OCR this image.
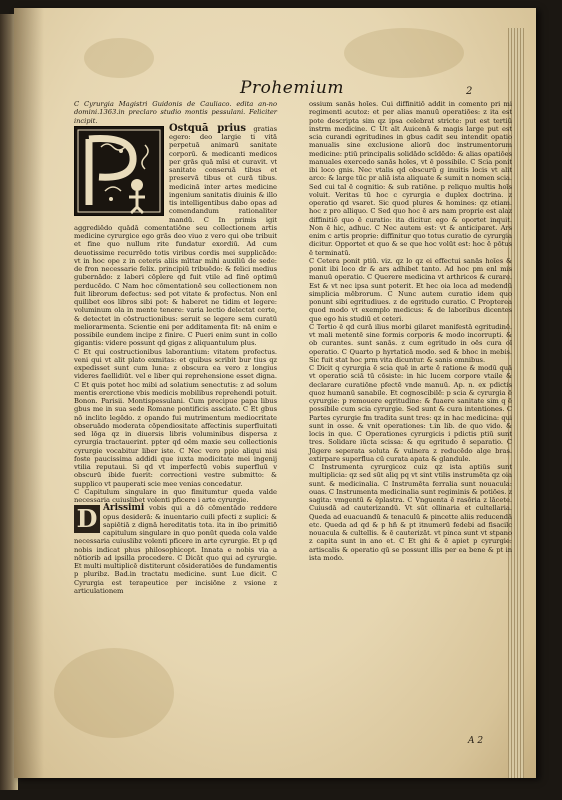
Prohemium	2

C Cyrurgia Magistri Guidonis de Cauliaco. edita an-no domini.1363.in preclaro studio montis pessulani. Feliciter incipit.

Ostquā prius gratias egero: deo largie ti vitā perpetuā animarū sanitate corporū. & medicanti medicos per grās quā mīsi et curavit. vt sanitate conseruā tibus et preservā tibus et curā tibus. medicinā inter artes medicine ingenium sanitatis diuinis & illo tis intelligentibus dabo opas ad comendandum rationaliter mandū. C In primis igit aggrediēdo quādā comentatiōne seu collectionem artis medicine cyrurgice ego grās deo viuo z vero qui obe tribuit et fine quo nullum rite fundatur exordiū. Ad cum deuotissime recurrēdo totis viribus cordis mei supplicādo: vt in hoc ope z in ceteris aliis mīttar mihi auxiliū de sede: de fron necessarie felix. principiū tribuēdo: & felici medius gubernādo: z laberi cōplere qd fuit vtile ad finē optimū perducēdo. C Nam hoc cōmentationē seu collectionem non fuit librorum defectus: sed pot vitate & profectus. Non enl quilibet eos libros sibi pot: & haberet ne tidim et legere: voluminum ola in mente tenere: varia lectio delectat certe, & detectet in cōstructionibus: seruit se legere sem curatū meliorarmenta. Scientie eni per additamenta fit: nā enim e possibile eundem incipe z finire. C Pueri enim sunt in collo gigantis: videre possunt qd gigas z aliquantulum plus.

C Et qui costructionibus laborantium: vitatem profectus. veni qui vt alit plato exmitas: et quibus scribit bur tius qz expedisset sunt cum luna: z obscura ea vero z longius videres faellidiūt. vel e liber qui reprehensione esset digna. C Et quis potet hoc mibi ad solatium senectutis: z ad solum mentis ererctione vbis medicis mobilibus reprehendi potuit. Bonon. Parisii. Montispessulani. Cum precipue papa libus gbus me in sua sede Romane pontificis assciato. C Et gbus nō inclito legēdo. z opando fui mutrimentum mediocritate obseruādo moderata cōpendiositate affectinis superfluitati sed lōga qz in diuersis libris voluminibus dispersa z cyrurgia tractauerint. ppter qd oēm maxie seu collectionis cyrurgie vocabitur liber iste. C Nec vero ppio aliqui nisi foste paucissima addidi que iuxta modicitate mei ingenij vtilia reputaui. Si qd vt imperfectū vobis superfluū v obscurū ibide fuerit: correctioni vestre submitto: & supplico vt pauperati scie mee venias concedatur.

C Capitulum singulare in quo fimitumtur queda valde necessaria cuiuslibet volenti pficere i arte cyrurgie.

D Arissimi vobis qui a dō cōmentādo reddere opus desiderā: & inuentario cuili pfecti z suplici: & sapiētiā z dignā hereditatis tota. ita in ibo primitiō capitulum singulare in quo ponūt queda cola valde necessaria cuiuslibz volenti pficere in arte cyrurgie. Et p qd nobis indicat phus philosophicopt. Innata e nobis via a nōtiorib ad ipsilla procedere. C Dicāt quo qui ad cyrurgie. Et multi multiplicē distiterunt cōsideratiōes de fundamentis p pluribz. Bad.in tractatu medicine. sunt Lue dicit. C Cyrurgia est terapeutice per incisiōne z vsione z articulationem

ossium sanās hoīes. Cui diffinitiō addit in comento pri mi regimenti acutoz: et per alias manuū operatiōes: z ita est pote descripta sim qz ipsa celebrat stricte: put est tertiū instrm medicine. C Ut aīt Auicenā & magis large put est scia curandi egritudines in gbus cadit seu intendit opatio manualis sine exclusione aliorū doc instrumentorum medicine: ptiū principalis solidādo scīdēdo: & alias opatiōes manuales exercedo sanās hoīes, vt ē possibile. C Scia ponit ibi loco gnis. Nec vtalis qd obscurū g inuitis locis vt alit arco: & large tūc pr aliā ista aliquate & sumit n nomen scia. Sed cui tal ē cognitio: & sub ratiōne. p reliquo multis hoīs voluit. Veritas tū hoc c cyrurgia e duplex doctrina. z operatio qd vsaret. Sic quod plures & homines: qz etiam. hoc z pro alliquo. C Sed quo hoc ē ars nam proprie est alaz diffinitiō quo ē curatio: ita dicitur. ego & oportet inquit. Non ē hic, adhuc. C Nec autem est: vt & anticiparet. Ars enim c artis proprie: diffinitur quo totus curatio de cyrurgia dicitur. Opportet et quo & se que hoc volūt est: hoc ē pōtus ē terminatū.

C Cetera ponit ptiū. viz. qz lo qz ei effectui sanās hoīes & ponit ibi loco dr & ars adhibet tanto. Ad hoc pm enl mis manuū operatio. C Querere medicina vt arthricos & curare. Est & vt nec ipsa sunt poterit. Et hec oia loca ad medendū simplicia mēbrorum. C Nunc autem curatio idem quo ponunt sibi egritudiues. z de egritudo curatio. C Propterea quod modo vt exemplo medicus: & de laboribus dicentes que ego his studiū et ceteri.

C Tertio ē qd curā ilius morbi gilaret manifestā egritudinē. vt mali metentē sine formis corporis & modo incorrupti. & ob curantes. sunt sanās. z cum egritudo in oēs cura oī operatio. C Quarto p hyrtaticā modo. sed & bhoc in mebis. Sic fuit stat hoc prm vita dicuntur. & sanis omnibus.

C Dicit q cyrurgia ē scia quē in arte ē ratione & modū quā vt operatio sciā tū cōsiste: in hic lucem corpore vtaile & declarare curatiōne pfectē vnde manuū. Ap. n. ex pdictis quoz humanū sanabile. Et cognoscibilē: p scia & cyrurgia ē cyrurgie: p remouere egritudine: & fuaere sanitate sim q ē possibile cum scia cyrurgie. Sed sunt & cura intentiones. C Partes cyrurgie fm tradita sunt tres: qz in hac medicina: qui sunt in osse. & vnit operationes: t.in lib. de quo vido. & locis in que. C Operationes cyrurgicis i pdictis ptiū sunt tres. Solidare iūcta scissa: & qu egritudo ē separatio. C Jūgere seperata soluta & vulnera z reducēdo alge bras. extirpare superflua cū curata apata & glandule.

C Instrumenta cyrurgicoz cuiz qz ista aptiūs sunt multiplicia: qz sed sūt aliq pq vt sint vtilis instrumēta qz oia sunt. & medicinalia. C Instrumēta ferralia sunt nouacula: ouas. C Instrumenta medicinalia sunt regiminis & potiōes. z sagita: vmgentū & ēplastra. C Vnguenta ē rasōria z lācete. Cuiusdā ad cauterizandū. Vt sūt ollinaria et cultellaria. Queda ad euacuandū & tenaculū & pincette aliis reducendā etc. Queda ad qd & p hñ & pt itnumerū fedebi ad fisacilc nouacula & cultellis. & ē cauterizāt. vt pinca sunt vt stpano z capita sunt in ano et. C Et ghi & ē apiet p cyrurgie: artiscalis & operatio qū se possunt illis per ea bene & pt in ista modo.

A 2
